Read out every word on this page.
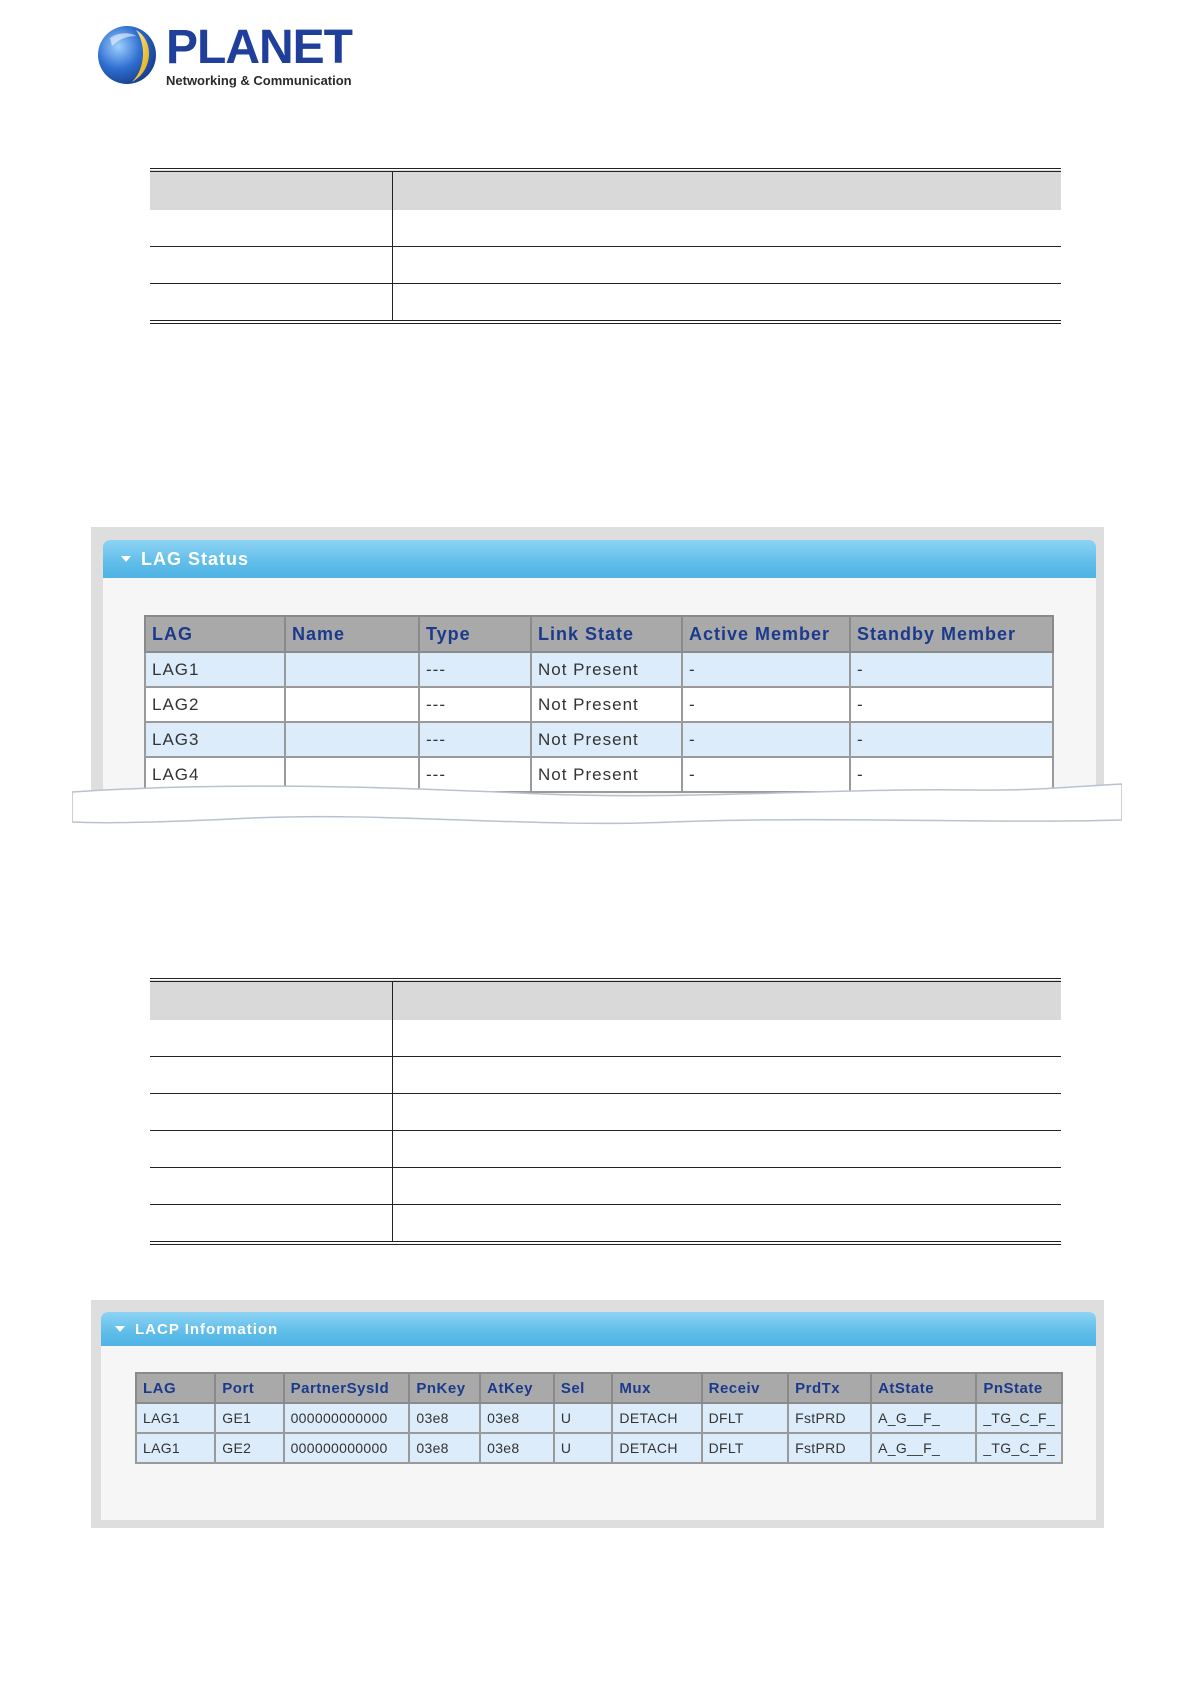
PLANET
Networking & Communication

LAG Status
LAG	Name	Type	Link State	Active Member	Standby Member
LAG1		---	Not Present	-	-
LAG2		---	Not Present	-	-
LAG3		---	Not Present	-	-
LAG4		---	Not Present	-	-

LACP Information
LAG	Port	PartnerSysId	PnKey	AtKey	Sel	Mux	Receiv	PrdTx	AtState	PnState
LAG1	GE1	000000000000	03e8	03e8	U	DETACH	DFLT	FstPRD	A_G__F_	_TG_C_F_
LAG1	GE2	000000000000	03e8	03e8	U	DETACH	DFLT	FstPRD	A_G__F_	_TG_C_F_
